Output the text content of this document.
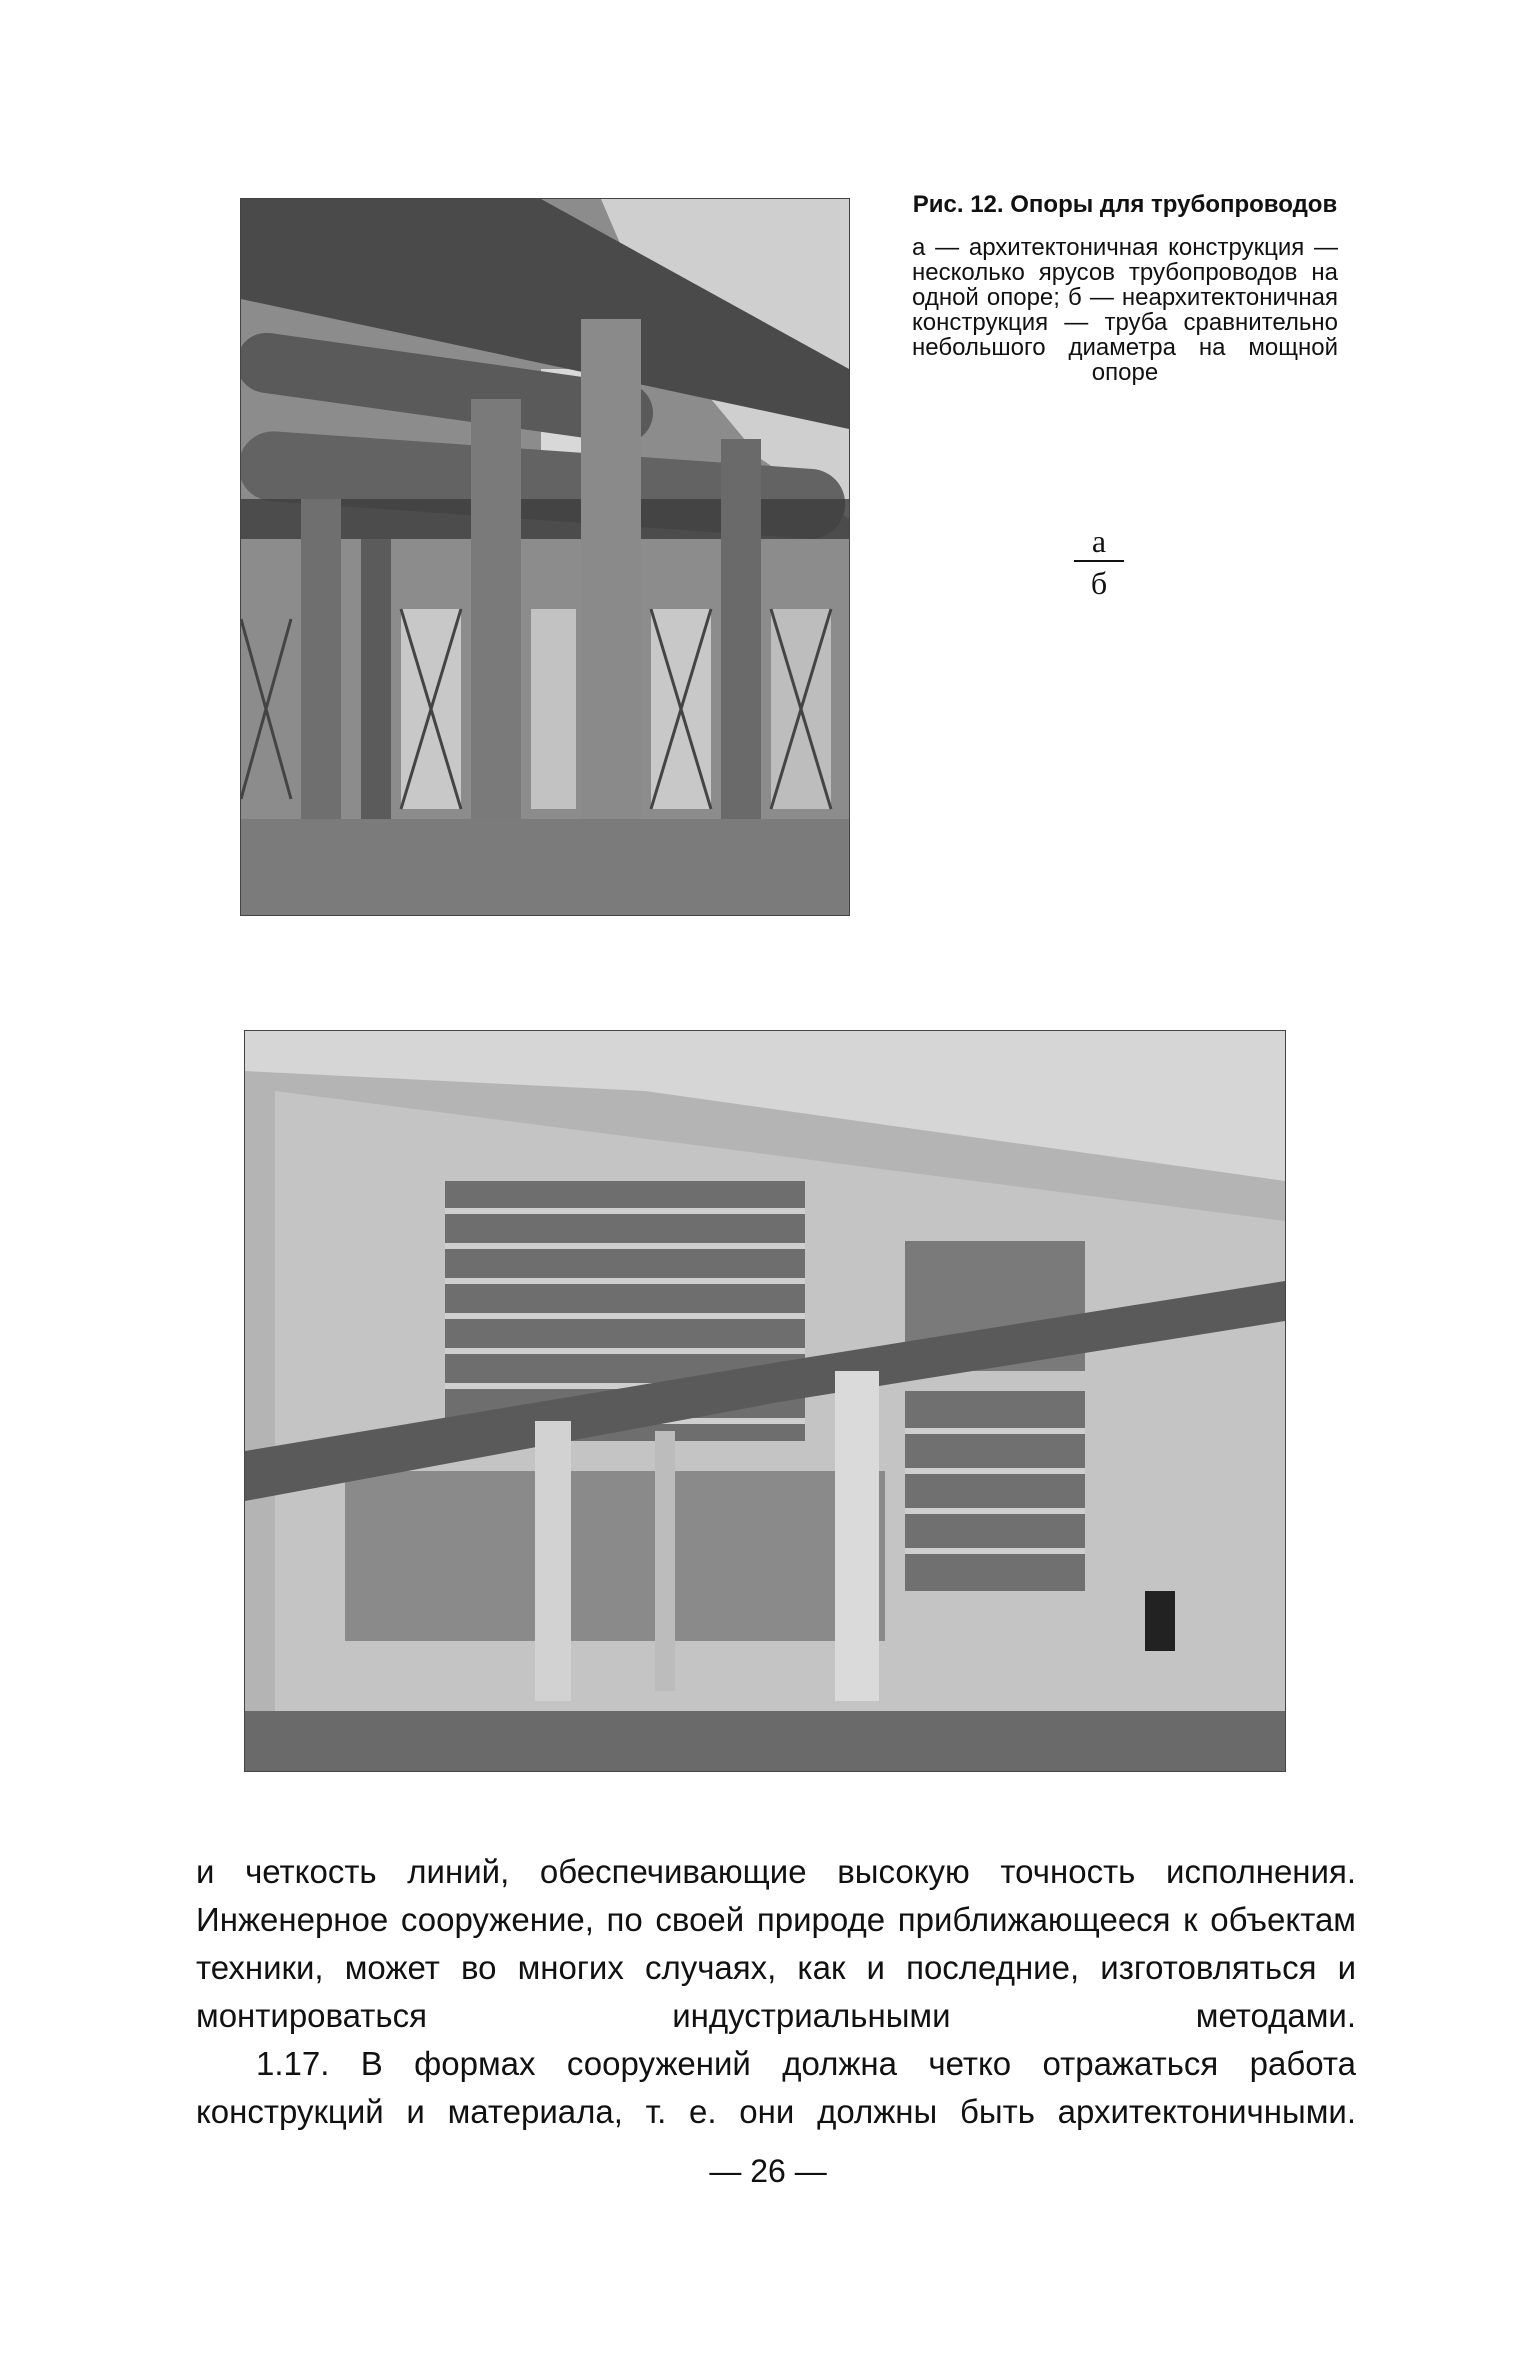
Рис. 12. Опоры для трубопроводов
а — архитектоничная конструкция — несколько ярусов трубопроводов на одной опоре; б — неархитектоничная конструкция — труба сравнительно небольшого диаметра на мощной опоре
а
б

и четкость линий, обеспечивающие высокую точность исполнения. Инженерное сооружение, по своей природе приближающееся к объектам техники, может во многих случаях, как и последние, изготовляться и монтироваться индустриальными методами.

1.17. В формах сооружений должна четко отражаться работа конструкций и материала, т. е. они должны быть архитектоничными.

— 26 —
